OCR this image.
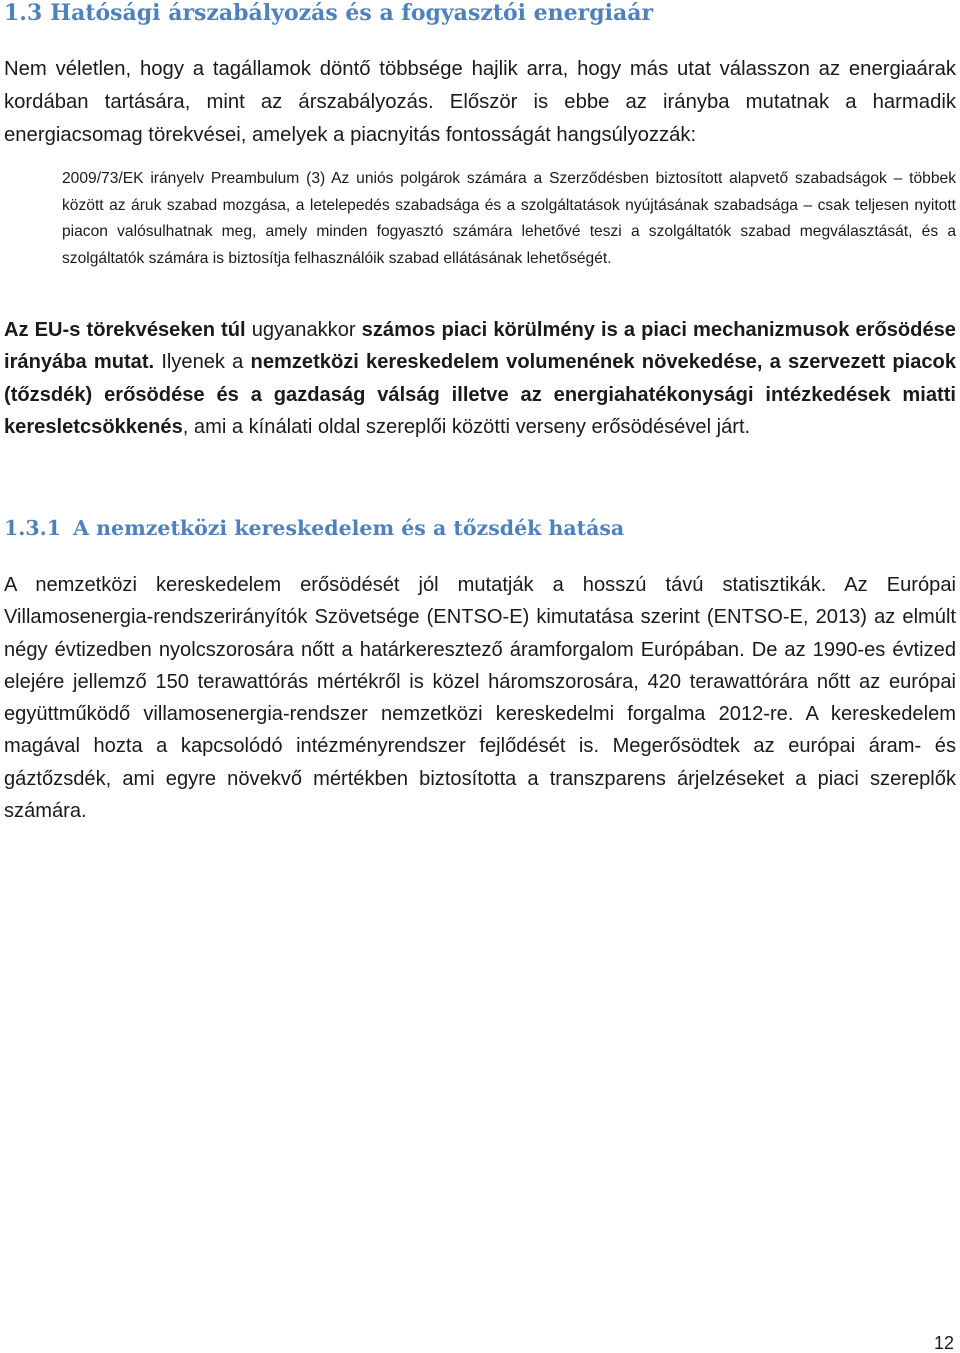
1.3 Hatósági árszabályozás és a fogyasztói energiaár

Nem véletlen, hogy a tagállamok döntő többsége hajlik arra, hogy más utat válasszon az energiaárak kordában tartására, mint az árszabályozás. Először is ebbe az irányba mutatnak a harmadik energiacsomag törekvései, amelyek a piacnyitás fontosságát hangsúlyozzák:

2009/73/EK irányelv Preambulum (3) Az uniós polgárok számára a Szerződésben biztosított alapvető szabadságok – többek között az áruk szabad mozgása, a letelepedés szabadsága és a szolgáltatások nyújtásának szabadsága – csak teljesen nyitott piacon valósulhatnak meg, amely minden fogyasztó számára lehetővé teszi a szolgáltatók szabad megválasztását, és a szolgáltatók számára is biztosítja felhasználóik szabad ellátásának lehetőségét.

Az EU-s törekvéseken túl ugyanakkor számos piaci körülmény is a piaci mechanizmusok erősödése irányába mutat. Ilyenek a nemzetközi kereskedelem volumenének növekedése, a szervezett piacok (tőzsdék) erősödése és a gazdaság válság illetve az energiahatékonysági intézkedések miatti keresletcsökkenés, ami a kínálati oldal szereplői közötti verseny erősödésével járt.

1.3.1 A nemzetközi kereskedelem és a tőzsdék hatása

A nemzetközi kereskedelem erősödését jól mutatják a hosszú távú statisztikák. Az Európai Villamosenergia-rendszerirányítók Szövetsége (ENTSO-E) kimutatása szerint (ENTSO-E, 2013) az elmúlt négy évtizedben nyolcszorosára nőtt a határkeresztező áramforgalom Európában. De az 1990-es évtized elejére jellemző 150 terawattórás mértékről is közel háromszorosára, 420 terawattórára nőtt az európai együttműködő villamosenergia-rendszer nemzetközi kereskedelmi forgalma 2012-re. A kereskedelem magával hozta a kapcsolódó intézményrendszer fejlődését is. Megerősödtek az európai áram- és gáztőzsdék, ami egyre növekvő mértékben biztosította a transzparens árjelzéseket a piaci szereplők számára.

12
